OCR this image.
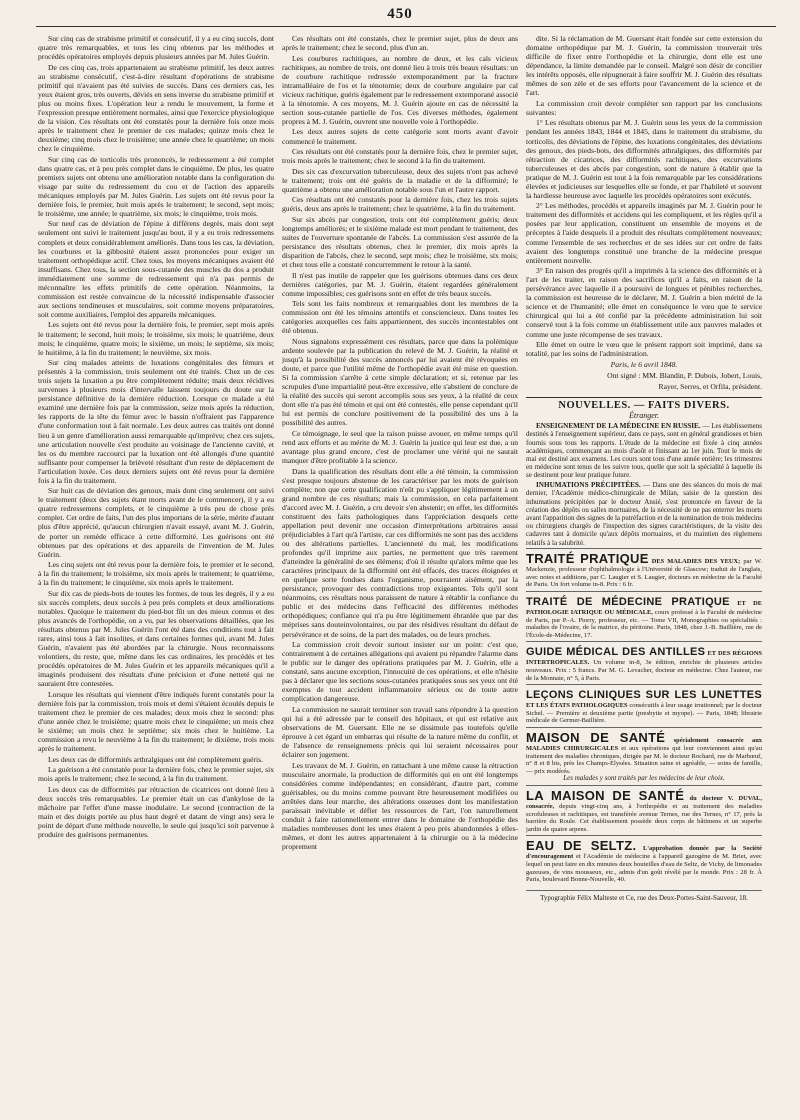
450

Sur cinq cas de strabisme primitif et consécutif, il y a eu cinq succès, dont quatre très remarquables, et tous les cinq obtenus par les méthodes et procédés opératoires employés depuis plusieurs années par M. Jules Guérin.

De ces cinq cas, trois appartenaient au strabisme primitif, les deux autres au strabisme consécutif, c'est-à-dire résultant d'opérations de strabisme primitif qui n'avaient pas été suivies de succès. Dans ces derniers cas, les yeux étaient gros, très ouverts, déviés en sens inverse du strabisme primitif et plus ou moins fixes. L'opération leur a rendu le mouvement, la forme et l'expression presque entièrement normales, ainsi que l'exercice physiologique de la vision. Ces résultats ont été constatés pour la dernière fois onze mois après le traitement chez le premier de ces malades; quinze mois chez le deuxième; cinq mois chez le troisième; une année chez le quatrième; un mois chez le cinquième.

Sur cinq cas de torticolis très prononcés, le redressement a été complet dans quatre cas, et à peu près complet dans le cinquième. De plus, les quatre premiers sujets ont obtenu une amélioration notable dans la configuration du visage par suite du redressement du cou et de l'action des appareils mécaniques employés par M. Jules Guérin. Les sujets ont été revus pour la dernière fois, le premier, huit mois après le traitement; le second, sept mois; le troisième, une année; le quatrième, six mois; le cinquième, trois mois.

Sur neuf cas de déviation de l'épine à différens degrés, mais dont sept seulement ont suivi le traitement jusqu'au bout, il y a eu trois redressemens complets et deux considérablement améliorés. Dans tous les cas, la déviation, les courbures et la gibbosité étaient assez prononcées pour exiger un traitement orthopédique actif. Chez tous, les moyens mécaniques avaient été insuffisans. Chez tous, la section sous-cutanée des muscles du dos a produit immédiatement une somme de redressement qui n'a pas permis de méconnaître les effets primitifs de cette opération. Néanmoins, la commission est restée convaincue de la nécessité indispensable d'associer aux sections tendineuses et musculaires, soit comme moyens préparatoires, soit comme auxiliaires, l'emploi des appareils mécaniques.

Les sujets ont été revus pour la dernière fois, le premier, sept mois après le traitement; le second, huit mois; le troisième, six mois; le quatrième, deux mois; le cinquième, quatre mois; le sixième, un mois; le septième, six mois; le huitième, à la fin du traitement; le neuvième, six mois.

Sur cinq malades atteints de luxations congénitales des fémurs et présentés à la commission, trois seulement ont été traités. Chez un de ces trois sujets la luxation a pu être complètement réduite; mais deux récidives survenues à plusieurs mois d'intervalle laissent toujours du doute sur la persistance définitive de la dernière réduction. Lorsque ce malade a été examiné une dernière fois par la commission, seize mois après la réduction, les rapports de la tête du fémur avec le bassin n'offraient pas l'apparence d'une conformation tout à fait normale. Les deux autres cas traités ont donné lieu à un genre d'amélioration aussi remarquable qu'imprévu; chez ces sujets, une articulation nouvelle s'est produite au voisinage de l'ancienne cavité, et les os du membre raccourci par la luxation ont été allongés d'une quantité suffisante pour compenser la brièveté résultant d'un reste de déplacement de l'articulation luxée. Ces deux derniers sujets ont été revus pour la dernière fois à la fin du traitement.

Sur huit cas de déviation des genoux, mais dont cinq seulement ont suivi le traitement (deux des sujets étant morts avant de le commencer), il y a eu quatre redressemens complets, et le cinquième à très peu de chose près complet. Cet ordre de faits, l'un des plus importans de la série, mérite d'autant plus d'être apprécié, qu'aucun chirurgien n'avait essayé, avant M. J. Guérin, de porter un remède efficace à cette difformité. Les guérisons ont été obtenues par des opérations et des appareils de l'invention de M. Jules Guérin.

Les cinq sujets ont été revus pour la dernière fois, le premier et le second, à la fin du traitement; le troisième, six mois après le traitement; le quatrième, à la fin du traitement; le cinquième, six mois après le traitement.

Sur dix cas de pieds-bots de toutes les formes, de tous les degrés, il y a eu six succès complets, deux succès à peu près complets et deux améliorations notables. Quoique le traitement du pied-bot fût un des mieux connus et des plus avancés de l'orthopédie, on a vu, par les observations détaillées, que les résultats obtenus par M. Jules Guérin l'ont été dans des conditions tout à fait rares, ainsi tous à fait insolites, et dans certaines formes qui, avant M. Jules Guérin, n'avaient pas été abordées par la chirurgie. Nous reconnaissons volontiers, du reste, que, même dans les cas ordinaires, les procédés et les procédés opératoires de M. Jules Guérin et les appareils mécaniques qu'il a imaginés produisent des résultats d'une précision et d'une netteté qui ne sauraient être contestées.

Lorsque les résultats qui viennent d'être indiqués furent constatés pour la dernière fois par la commission, trois mois et demi s'étaient écoulés depuis le traitement chez le premier de ces malades; deux mois chez le second: plus d'une année chez le troisième; quatre mois chez le cinquième; un mois chez le sixième; un mois chez le septième; six mois chez le huitième. La commission a revu le neuvième à la fin du traitement; le dixième, trois mois après le traitement.

Les deux cas de difformités arthralgiques ont été complètement guéris.

La guérison a été constatée pour la dernière fois, chez le premier sujet, six mois après le traitement; chez le second, à la fin du traitement.

Les deux cas de difformités par rétraction de cicatrices ont donné lieu à deux succès très remarquables. Le premier était un cas d'ankylose de la mâchoire par l'effet d'une masse inodulaire. Le second (contraction de la main et des doigts portée au plus haut degré et datant de vingt ans) sera le point de départ d'une méthode nouvelle, le seule qui jusqu'ici soit parvenue à produire des guérisons permanentes.

Ces résultats ont été constatés, chez le premier sujet, plus de deux ans après le traitement; chez le second, plus d'un an.

Les courbures rachitiques, au nombre de deux, et les cals vicieux rachitiques, au nombre de trois, ont donné lieu à trois très beaux résultats: un de courbure rachitique redressée extemporanément par la fracture intramalléaire de l'os et la ténotomie; deux de courbure angulaire par cal vicieux rachitique, guéris également par le redressement extemporané associé à la ténotomie. A ces moyens, M. J. Guérin ajoute en cas de nécessité la section sous-cutanée partielle de l'os. Ces diverses méthodes, également propres à M. J. Guérin, ouvrent une nouvelle voie à l'orthopédie.

Les deux autres sujets de cette catégorie sont morts avant d'avoir commencé le traitement.

Ces résultats ont été constatés pour la dernière fois, chez le premier sujet, trois mois après le traitement; chez le second à la fin du traitement.

Des six cas d'excurvation tuberculeuse, deux des sujets n'ont pas achevé le traitement; trois ont été guéris de la maladie et de la difformité; le quatrième a obtenu une amélioration notable sous l'un et l'autre rapport.

Ces résultats ont été constatés pour la dernière fois, chez les trois sujets guéris, deux ans après le traitement; chez le quatrième, à la fin du traitement.

Sur six abcès par congestion, trois ont été complètement guéris; deux longtemps améliorés; et le sixième malade est mort pendant le traitement, des suites de l'ouverture spontanée de l'abcès. La commission s'est assurée de la persistance des résultats obtenus, chez le premier, dix mois après la disparition de l'abcès, chez le second, sept mois; chez le troisième, six mois; et chez tous elle a constaté concurremment le retour à la santé.

Il n'est pas inutile de rappeler que les guérisons obtenues dans ces deux dernières catégories, par M. J. Guérin, étaient regardées généralement comme impossibles; ces guérisons sont en effet de très beaux succès.

Tels sont les faits nombreux et remarquables dont les membres de la commission ont été les témoins attentifs et consciencieux. Dans toutes les catégories auxquelles ces faits appartiennent, des succès incontestables ont été obtenus.

Nous signalons expressément ces résultats, parce que dans la polémique ardente soulevée par la publication du relevé de M. J. Guérin, la réalité et jusqu'à la possibilité des succès annoncés par lui avaient été révoquées en doute, et parce que l'utilité même de l'orthopédie avait été mise en question. Si la commission s'arrête à cette simple déclaration; et si, retenue par les scrupules d'une impartialité peut-être excessive, elle s'abstient de conclure de la réalité des succès qui seront accomplis sous ses yeux, à la réalité de ceux dont elle n'a pas été témoin et qui ont été contestés, elle pense cependant qu'il lui est permis de conclure positivement de la possibilité des uns à la possibilité des autres.

Ce témoignage, le seul que la raison puisse avouer, en même temps qu'il rend aux efforts et au mérite de M. J. Guérin la justice qui leur est due, a un avantage plus grand encore, c'est de proclamer une vérité qui ne saurait manquer d'être profitable à la science.

Dans la qualification des résultats dont elle a été témoin, la commission s'est presque toujours abstenue de les caractériser par les mots de guérison complète; non que cette qualification n'eût pu s'appliquer légitimement à un grand nombre de ces résultats; mais la commission, en cela parfaitement d'accord avec M. J. Guérin, a cru devoir s'en abstenir; en effet, les difformités constituent des faits pathologiques dans l'appréciation desquels cette appellation peut devenir une occasion d'interprétations arbitraires aussi préjudiciables à l'art qu'à l'artiste, car ces difformités ne sont pas des accidens ou des altérations partielles. L'ancienneté du mal, les modifications profondes qu'il imprime aux parties, ne permettent que très rarement d'atteindre la généralité de ses élémens; d'où il résulte qu'alors même que les caractères principaux de la difformité ont été effacés, des traces éloignées et en quelque sorte fondues dans l'organisme, pourraient aisément, par la persistance, provoquer des contradictions trop exigeantes. Tels qu'il sont néanmoins, ces résultats nous paraissent de nature à rétablir la confiance du public et des médecins dans l'efficacité des différentes méthodes orthopédiques; confiance qui n'a pu être légitimement ébranlée que par des méprises sans douteinvolontaires, ou par des résidives résultant du défaut de persévérance et de soins, de la part des malades, ou de leurs proches.

La commission croit devoir surtout insister sur un point: c'est que, contrairement à de certaines allégations qui avaient pu répandre l'alarme dans le public sur le danger des opérations pratiquées par M. J. Guérin, elle a constaté, sans aucune exception, l'innocuité de ces opérations, et elle n'hésite pas à déclarer que les sections sous-cutanées pratiquées sous ses yeux ont été exemptes de tout accident inflammatoire sérieux ou de toute autre complication dangereuse.

La commission ne saurait terminer son travail sans répondre à la question qui lui a été adressée par le conseil des hôpitaux, et qui est relative aux observations de M. Guersant. Elle ne se dissimule pas toutefois qu'elle éprouve à cet égard un embarras qui résulte de la nature même du conflit, et de l'absence de renseignemens précis qui lui seraient nécessaires pour éclairer son jugement.

Les travaux de M. J. Guérin, en rattachant à une même cause la rétraction musculaire anormale, la production de difformités qui en ont été longtemps considérées comme indépendantes; en considérant, d'autre part, comme guérisables, ou du moins comme pouvant être heureusement modifiées ou arrêtées dans leur marche, des altérations osseuses dont les manifestation paraissait inévitable et défier les ressources de l'art, l'on naturellement conduit à faire rationnellement entrer dans le domaine de l'orthopédie des maladies nombreuses dont les unes étaient à peu près abandonnées à elles-mêmes, et dont les autres appartenaient à la chirurgie ou à la médecine proprement

dite. Si la réclamation de M. Guersant était fondée sur cette extension du domaine orthopédique par M. J. Guérin, la commission trouverait très difficile de fixer entre l'orthopédie et la chirurgie, dont elle est une dépendance, la limite demandée par le conseil. Malgré son désir de concilier les intérêts opposés, elle répugnerait à faire souffrir M. J. Guérin des résultats mêmes de son zèle et de ses efforts pour l'avancement de la science et de l'art.

La commission croit devoir compléter son rapport par les conclusions suivantes:

1° Les résultats obtenus par M. J. Guérin sous les yeux de la commission pendant les années 1843, 1844 et 1845, dans le traitement du strabisme, du torticolis, des déviations de l'épine, des luxations congénitales, des déviations des genoux, des pieds-bots, des difformités athralgiques, des difformités par rétraction de cicatrices, des difformités rachitiques, des excurvations tuberculeuses et des abcès par congestion, sont de nature à établir que la pratique de M. J. Guérin est tout à la fois remarquable par les considérations élevées et judicieuses sur lesquelles elle se fonde, et par l'habileté et souvent la hardiesse heureuse avec laquelle les procédés opératoires sont exécutés.

2° Les méthodes, procédés et appareils imaginés par M. J. Guérin pour le traitement des difformités et accidens qui les compliquent, et les règles qu'il a posées par leur application, constituent un ensemble de moyens et de préceptes à l'aide desquels il a produit des résultats complètement nouveaux; comme l'ensemble de ses recherches et de ses idées sur cet ordre de faits avaient des longtemps constitué une branche de la médecine presque entièrement nouvelle.

3° En raison des progrès qu'il a imprimés à la science des difformités et à l'art de les traiter, en raison des sacrifices qu'il a faits, en raison de la persévérance avec laquelle il a poursuivi de longues et pénibles recherches, la commission est heureuse de le déclarer, M. J. Guérin a bien mérité de la science et de l'humanité; elle émet en conséquence le vœu que le service chirurgical qui lui a été confié par la précédente administration lui soit conservé tout à la fois comme un établissement utile aux pauvres malades et comme une juste récompense de ses travaux.

Elle émet en outre le vœu que le présent rapport soit imprimé, dans sa totalité, par les soins de l'administration.

Paris, le 6 avril 1848.
Ont signé : MM. Blandin, P. Dubois, Jobert, Louis,
Rayer, Serres, et Orfila, président.
NOUVELLES. — FAITS DIVERS.
Étranger.

ENSEIGNEMENT DE LA MÉDECINE EN RUSSIE. — Les établissemens destinés à l'enseignement supérieur, dans ce pays, sont en général grandioses et bien fournis sous tous les rapports. L'étude de la médecine est fixée à cinq années académiques, commençant au mois d'août et finissant au 1er juin. Tout le mois de mai est destiné aux examens. Les cours sont tous d'une année entière; les trimestres en médecine sont tenus de les suivre tous, quelle que soit la spécialité à laquelle ils se destinent pour leur pratique future.

INHUMATIONS PRÉCIPITÉES. — Dans une des séances du mois de mai dernier, l'Académie médico-chirurgicale de Milan, saisie de la question des inhumations précipitées par le docteur Ansié, s'est prononcée en faveur de la création des dépôts ou salles mortuaires, de la nécessité de ne pas enterrer les morts avant l'apparition des signes de la putréfaction et de la nomination de trois médecins ou chirurgiens chargés de l'inspection des signes caractéristiques, de la visite des cadavres tant à domicile qu'aux dépôts mortuaires, et du maintien des règlemens relatifs à la salubrité.

TRAITÉ PRATIQUE DES MALADIES DES YEUX; par W. Mackenzie, professeur d'ophthalmologie à l'Université de Glascow; traduit de l'anglais, avec notes et additions, par C. Laugier et S. Laugier, docteurs en médecine de la Faculté de Paris. Un fort volume in-8. Prix : 6 fr.
TRAITÉ DE MÉDECINE PRATIQUE ET DE PATHOLOGIE IATRIQUE OU MÉDICALE, cours professé à la Faculté de médecine de Paris, par P.-A. Piorry, professeur, etc. — Tome VII, Monographies ou spécialités : maladies de l'ovaire, de la matrice, du péritoine. Paris, 1848, chez J.-B. Baillière, rue de l'École-de-Médecine, 17.
GUIDE MÉDICAL DES ANTILLES ET DES RÉGIONS INTERTROPICALES. Un volume in-8, 3e édition, enrichie de plusieurs articles nouveaux. Prix : 5 francs. Par M. G. Levacher, docteur en médecine. Chez l'auteur, rue de la Monnaie, n° 5, à Paris.
LEÇONS CLINIQUES SUR LES LUNETTES ET LES ÉTATS PATHOLOGIQUES consécutifs à leur usage irrationnel; par le docteur Sichel. — Première et deuxième partie (presbytie et myope). — Paris, 1848; librairie médicale de Germer-Baillière.
MAISON DE SANTÉ spécialement consacrée aux MALADIES CHIRURGICALES et aux opérations qui leur conviennent ainsi qu'au traitement des maladies chroniques, dirigée par M. le docteur Rochard, rue de Marbœuf, n° 8 et 8 bis, près les Champs-Élysées. Situation saine et agréable, — soins de famille, — prix modérés.
Les malades y sont traités par les médecins de leur choix.
LA MAISON DE SANTÉ du docteur V. DUVAL, consacrée, depuis vingt-cinq ans, à l'orthopédie et au traitement des maladies scrofuleuses et rachitiques, est transférée avenue Ternes, rue des Ternes, n° 17, près la barrière du Roule. Cet établissement possède deux corps de bâtimens et un superbe jardin de quatre arpens.
EAU DE SELTZ. L'approbation donnée par la Société d'encouragement et l'Académie de médecine à l'appareil gazogène de M. Briet, avec lequel on peut faire en dix minutes deux bouteilles d'eau de Seltz, de Vichy, de limonades gazeuses, de vins mousseux, etc., admis d'un goût révélé par le monde. Prix : 28 fr. À Paris, boulevard Bonne-Nouvelle, 40.
Typographie Félix Malteste et Ce, rue des Deux-Portes-Saint-Sauveur, 18.
